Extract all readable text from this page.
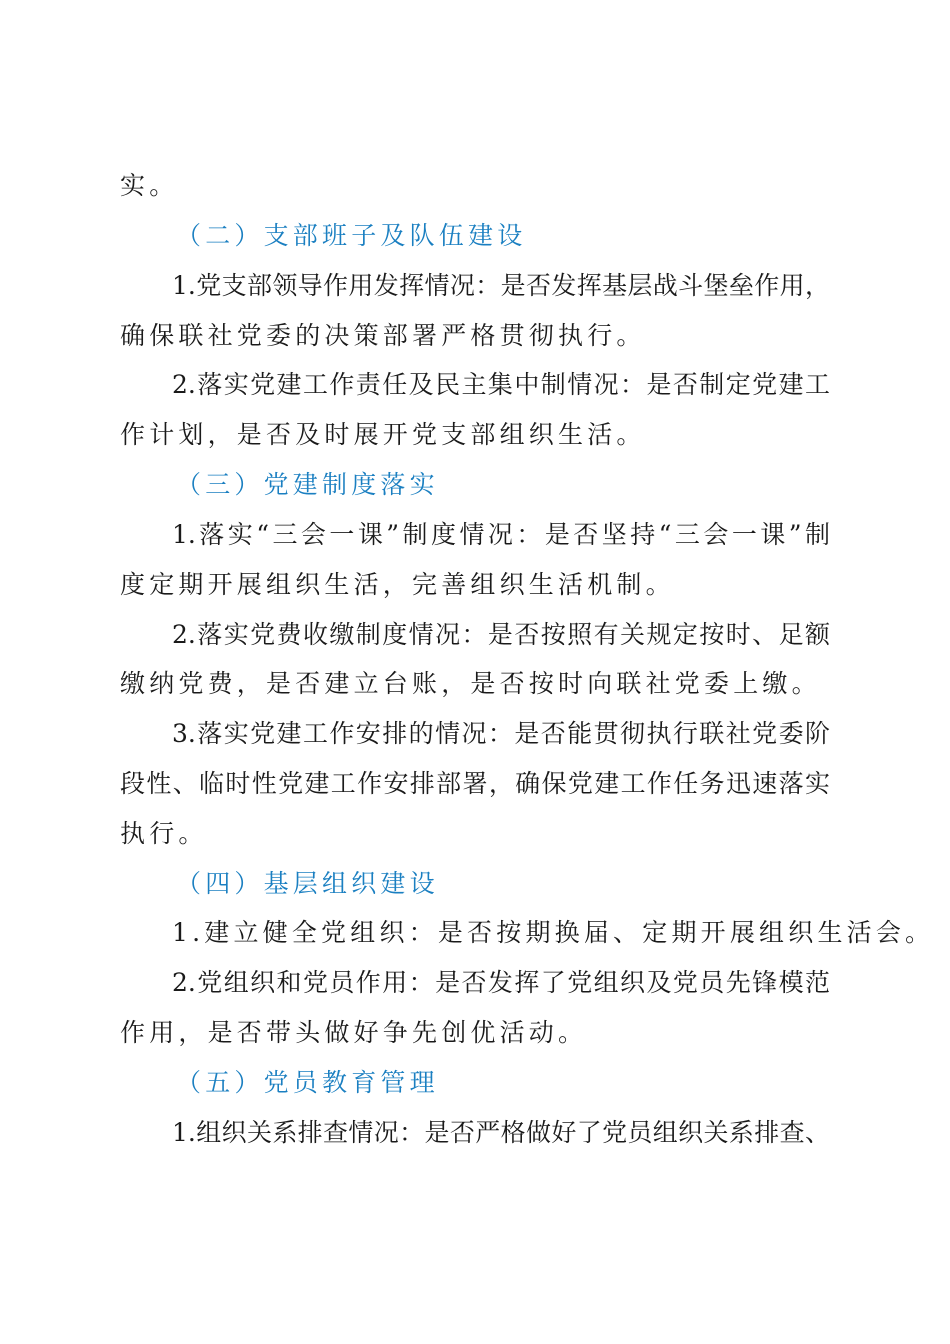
实。
（二）支部班子及队伍建设
1.党支部领导作用发挥情况：是否发挥基层战斗堡垒作用，
确保联社党委的决策部署严格贯彻执行。
2.落实党建工作责任及民主集中制情况：是否制定党建工
作计划，是否及时展开党支部组织生活。
（三）党建制度落实
1.落实“三会一课”制度情况：是否坚持“三会一课”制
度定期开展组织生活，完善组织生活机制。
2.落实党费收缴制度情况：是否按照有关规定按时、足额
缴纳党费，是否建立台账，是否按时向联社党委上缴。
3.落实党建工作安排的情况：是否能贯彻执行联社党委阶
段性、临时性党建工作安排部署，确保党建工作任务迅速落实
执行。
（四）基层组织建设
1.建立健全党组织：是否按期换届、定期开展组织生活会。
2.党组织和党员作用：是否发挥了党组织及党员先锋模范
作用，是否带头做好争先创优活动。
（五）党员教育管理
1.组织关系排查情况：是否严格做好了党员组织关系排查、
